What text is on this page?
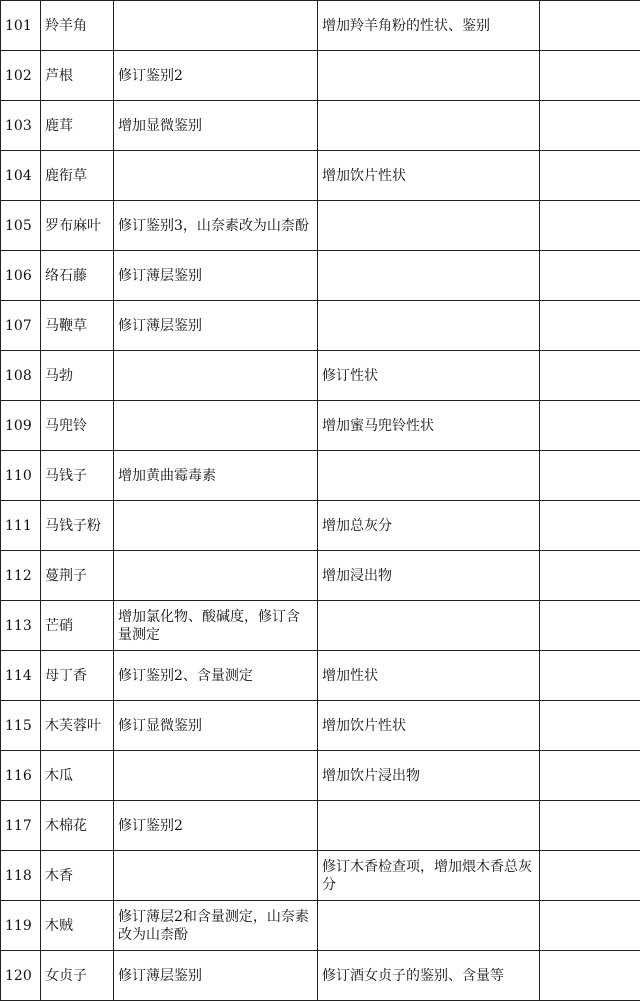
101	羚羊角		增加羚羊角粉的性状、鉴别	
102	芦根	修订鉴别2		
103	鹿茸	增加显微鉴别		
104	鹿衔草		增加饮片性状	
105	罗布麻叶	修订鉴别3，山奈素改为山柰酚		
106	络石藤	修订薄层鉴别		
107	马鞭草	修订薄层鉴别		
108	马勃		修订性状	
109	马兜铃		增加蜜马兜铃性状	
110	马钱子	增加黄曲霉毒素		
111	马钱子粉		增加总灰分	
112	蔓荆子		增加浸出物	
113	芒硝	增加氯化物、酸碱度，修订含量测定		
114	母丁香	修订鉴别2、含量测定	增加性状	
115	木芙蓉叶	修订显微鉴别	增加饮片性状	
116	木瓜		增加饮片浸出物	
117	木棉花	修订鉴别2		
118	木香		修订木香检查项，增加煨木香总灰分	
119	木贼	修订薄层2和含量测定，山奈素改为山柰酚		
120	女贞子	修订薄层鉴别	修订酒女贞子的鉴别、含量等	
